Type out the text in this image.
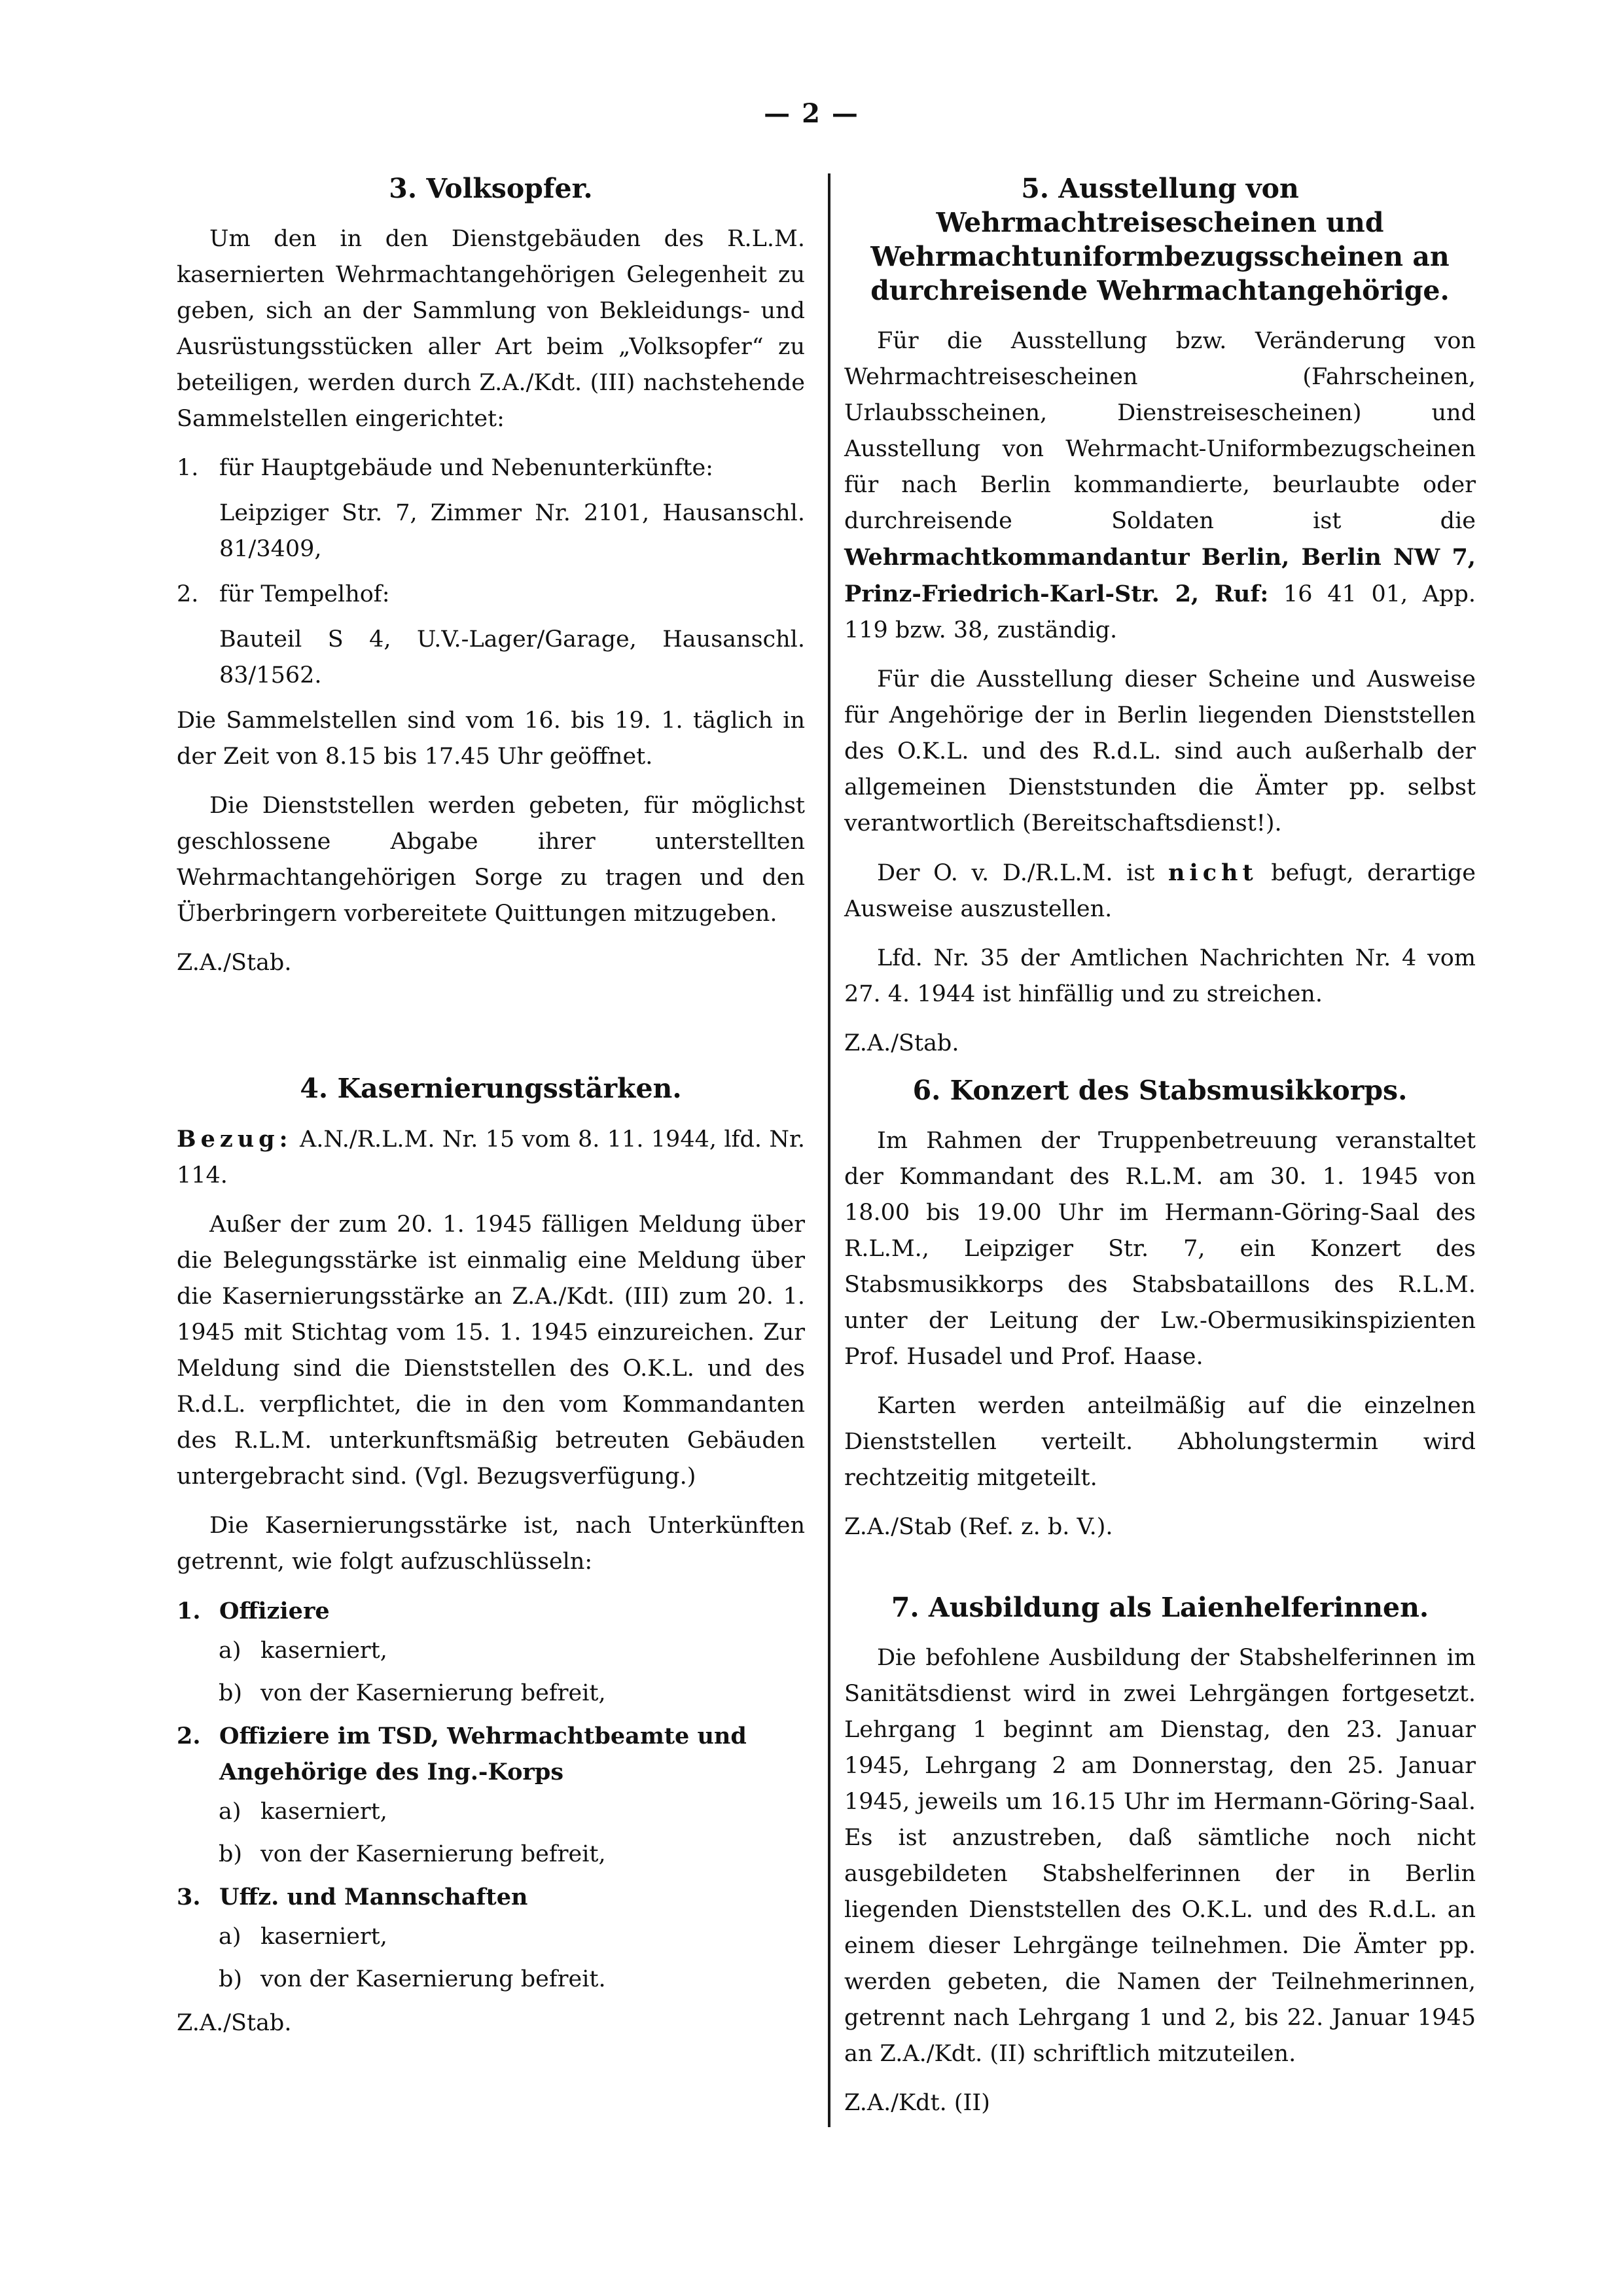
— 2 —
3. Volksopfer.

Um den in den Dienstgebäuden des R.L.M. kasernierten Wehrmachtangehörigen Gelegenheit zu geben, sich an der Sammlung von Bekleidungs- und Ausrüstungsstücken aller Art beim „Volksopfer“ zu beteiligen, werden durch Z.A./Kdt. (III) nachstehende Sammelstellen eingerichtet:

1. für Hauptgebäude und Nebenunterkünfte:
Leipziger Str. 7, Zimmer Nr. 2101, Hausanschl. 81/3409,
2. für Tempelhof:
Bauteil S 4, U.V.-Lager/Garage, Hausanschl. 83/1562.

Die Sammelstellen sind vom 16. bis 19. 1. täglich in der Zeit von 8.15 bis 17.45 Uhr geöffnet.

Die Dienststellen werden gebeten, für möglichst geschlossene Abgabe ihrer unterstellten Wehrmachtangehörigen Sorge zu tragen und den Überbringern vorbereitete Quittungen mitzugeben.

Z.A./Stab.
4. Kasernierungsstärken.

Bezug: A.N./R.L.M. Nr. 15 vom 8. 11. 1944, lfd. Nr. 114.

Außer der zum 20. 1. 1945 fälligen Meldung über die Belegungsstärke ist einmalig eine Meldung über die Kasernierungsstärke an Z.A./Kdt. (III) zum 20. 1. 1945 mit Stichtag vom 15. 1. 1945 einzureichen. Zur Meldung sind die Dienststellen des O.K.L. und des R.d.L. verpflichtet, die in den vom Kommandanten des R.L.M. unterkunftsmäßig betreuten Gebäuden untergebracht sind. (Vgl. Bezugsverfügung.)

Die Kasernierungsstärke ist, nach Unterkünften getrennt, wie folgt aufzuschlüsseln:

1. Offiziere
a) kaserniert,
b) von der Kasernierung befreit,
2. Offiziere im TSD, Wehrmachtbeamte und Angehörige des Ing.-Korps
a) kaserniert,
b) von der Kasernierung befreit,
3. Uffz. und Mannschaften
a) kaserniert,
b) von der Kasernierung befreit.
Z.A./Stab.
5. Ausstellung von Wehrmachtreisescheinen und Wehrmachtuniformbezugsscheinen an durchreisende Wehrmachtangehörige.

Für die Ausstellung bzw. Veränderung von Wehrmachtreisescheinen (Fahrscheinen, Urlaubsscheinen, Dienstreisescheinen) und Ausstellung von Wehrmacht-Uniformbezugscheinen für nach Berlin kommandierte, beurlaubte oder durchreisende Soldaten ist die Wehrmachtkommandantur Berlin, Berlin NW 7, Prinz-Friedrich-Karl-Str. 2, Ruf: 16 41 01, App. 119 bzw. 38, zuständig.

Für die Ausstellung dieser Scheine und Ausweise für Angehörige der in Berlin liegenden Dienststellen des O.K.L. und des R.d.L. sind auch außerhalb der allgemeinen Dienststunden die Ämter pp. selbst verantwortlich (Bereitschaftsdienst!).

Der O. v. D./R.L.M. ist nicht befugt, derartige Ausweise auszustellen.

Lfd. Nr. 35 der Amtlichen Nachrichten Nr. 4 vom 27. 4. 1944 ist hinfällig und zu streichen.

Z.A./Stab.
6. Konzert des Stabsmusikkorps.

Im Rahmen der Truppenbetreuung veranstaltet der Kommandant des R.L.M. am 30. 1. 1945 von 18.00 bis 19.00 Uhr im Hermann-Göring-Saal des R.L.M., Leipziger Str. 7, ein Konzert des Stabsmusikkorps des Stabsbataillons des R.L.M. unter der Leitung der Lw.-Obermusikinspizienten Prof. Husadel und Prof. Haase.

Karten werden anteilmäßig auf die einzelnen Dienststellen verteilt. Abholungstermin wird rechtzeitig mitgeteilt.

Z.A./Stab (Ref. z. b. V.).
7. Ausbildung als Laienhelferinnen.

Die befohlene Ausbildung der Stabshelferinnen im Sanitätsdienst wird in zwei Lehrgängen fortgesetzt. Lehrgang 1 beginnt am Dienstag, den 23. Januar 1945, Lehrgang 2 am Donnerstag, den 25. Januar 1945, jeweils um 16.15 Uhr im Hermann-Göring-Saal. Es ist anzustreben, daß sämtliche noch nicht ausgebildeten Stabshelferinnen der in Berlin liegenden Dienststellen des O.K.L. und des R.d.L. an einem dieser Lehrgänge teilnehmen. Die Ämter pp. werden gebeten, die Namen der Teilnehmerinnen, getrennt nach Lehrgang 1 und 2, bis 22. Januar 1945 an Z.A./Kdt. (II) schriftlich mitzuteilen.

Z.A./Kdt. (II)
